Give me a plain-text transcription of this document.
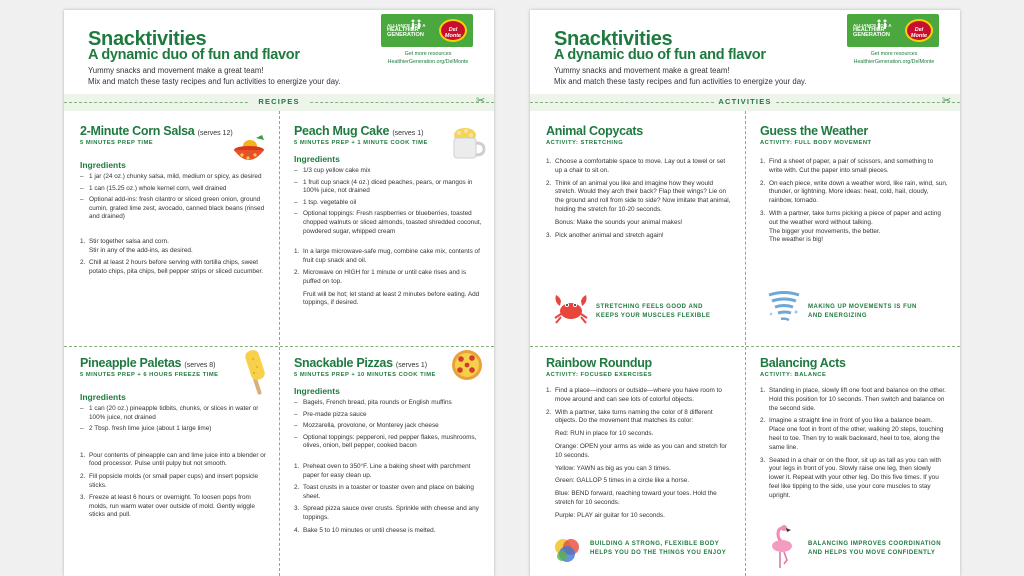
Snacktivities
A dynamic duo of fun and flavor
Yummy snacks and movement make a great team!
Mix and match these tasty recipes and fun activities to energize your day.
ALLIANCE FOR A
HEALTHIER GENERATION
Del Monte
Get more resources
HealthierGeneration.org/DelMonte
RECIPES	✂
2-Minute Corn Salsa (serves 12)
5 MINUTES PREP TIME
Ingredients
– 1 jar (24 oz.) chunky salsa, mild, medium or spicy, as desired
– 1 can (15.25 oz.) whole kernel corn, well drained
– Optional add-ins: fresh cilantro or sliced green onion, ground cumin, grated lime zest, avocado, canned black beans (rinsed and drained)
1. Stir together salsa and corn.
Stir in any of the add-ins, as desired.
2. Chill at least 2 hours before serving with tortilla chips, sweet potato chips, pita chips, bell pepper strips or sliced cucumber.
Peach Mug Cake (serves 1)
5 MINUTES PREP + 1 MINUTE COOK TIME
Ingredients
– 1/3 cup yellow cake mix
– 1 fruit cup snack (4 oz.) diced peaches, pears, or mangos in 100% juice, not drained
– 1 tsp. vegetable oil
– Optional toppings: Fresh raspberries or blueberries, toasted chopped walnuts or sliced almonds, toasted shredded coconut, powdered sugar, whipped cream
1. In a large microwave-safe mug, combine cake mix, contents of fruit cup snack and oil.
2. Microwave on HIGH for 1 minute or until cake rises and is puffed on top.
Fruit will be hot; let stand at least 2 minutes before eating. Add toppings, if desired.
Pineapple Paletas (serves 8)
5 MINUTES PREP + 6 HOURS FREEZE TIME
Ingredients
– 1 can (20 oz.) pineapple tidbits, chunks, or slices in water or 100% juice, not drained
– 2 Tbsp. fresh lime juice (about 1 large lime)
1. Pour contents of pineapple can and lime juice into a blender or food processor. Pulse until pulpy but not smooth.
2. Fill popsicle molds (or small paper cups) and insert popsicle sticks.
3. Freeze at least 6 hours or overnight. To loosen pops from molds, run warm water over outside of mold. Gently wiggle sticks and pull.
Snackable Pizzas (serves 1)
5 MINUTES PREP + 10 MINUTES COOK TIME
Ingredients
– Bagels, French bread, pita rounds or English muffins
– Pre-made pizza sauce
– Mozzarella, provolone, or Monterey jack cheese
– Optional toppings: pepperoni, red pepper flakes, mushrooms, olives, onion, bell pepper, cooked bacon
1. Preheat oven to 350°F. Line a baking sheet with parchment paper for easy clean up.
2. Toast crusts in a toaster or toaster oven and place on baking sheet.
3. Spread pizza sauce over crusts. Sprinkle with cheese and any toppings.
4. Bake 5 to 10 minutes or until cheese is melted.
Snacktivities
A dynamic duo of fun and flavor
Yummy snacks and movement make a great team!
Mix and match these tasty recipes and fun activities to energize your day.
ALLIANCE FOR A
HEALTHIER GENERATION
Del Monte
Get more resources
HealthierGeneration.org/DelMonte
ACTIVITIES	✂
Animal Copycats
ACTIVITY: STRETCHING
1. Choose a comfortable space to move. Lay out a towel or set up a chair to sit on.
2. Think of an animal you like and imagine how they would stretch. Would they arch their back? Flap their wings? Lie on the ground and roll from side to side? Now imitate that animal, holding the stretch for 10-20 seconds.
Bonus: Make the sounds your animal makes!
3. Pick another animal and stretch again!
STRETCHING FEELS GOOD AND
KEEPS YOUR MUSCLES FLEXIBLE
Guess the Weather
ACTIVITY: FULL BODY MOVEMENT
1. Find a sheet of paper, a pair of scissors, and something to write with. Cut the paper into small pieces.
2. On each piece, write down a weather word, like rain, wind, sun, thunder, or lightning. More ideas: heat, cold, hail, cloudy, rainbow, tornado.
3. With a partner, take turns picking a piece of paper and acting out the weather word without talking.
The bigger your movements, the better.
The weather is big!
MAKING UP MOVEMENTS IS FUN
AND ENERGIZING
Rainbow Roundup
ACTIVITY: FOCUSED EXERCISES
1. Find a place—indoors or outside—where you have room to move around and can see lots of colorful objects.
2. With a partner, take turns naming the color of 8 different objects. Do the movement that matches its color:
Red: RUN in place for 10 seconds.
Orange: OPEN your arms as wide as you can and stretch for 10 seconds.
Yellow: YAWN as big as you can 3 times.
Green: GALLOP 5 times in a circle like a horse.
Blue: BEND forward, reaching toward your toes. Hold the stretch for 10 seconds.
Purple: PLAY air guitar for 10 seconds.
BUILDING A STRONG, FLEXIBLE BODY
HELPS YOU DO THE THINGS YOU ENJOY
Balancing Acts
ACTIVITY: BALANCE
1. Standing in place, slowly lift one foot and balance on the other. Hold this position for 10 seconds. Then switch and balance on the second side.
2. Imagine a straight line in front of you like a balance beam. Place one foot in front of the other, walking 20 steps, touching heel to toe. Then try to walk backward, heel to toe, along the same line.
3. Seated in a chair or on the floor, sit up as tall as you can with your legs in front of you. Slowly raise one leg, then slowly lower it. Repeat with your other leg. Do this five times. If you feel like tipping to the side, use your core muscles to stay upright.
BALANCING IMPROVES COORDINATION
AND HELPS YOU MOVE CONFIDENTLY
